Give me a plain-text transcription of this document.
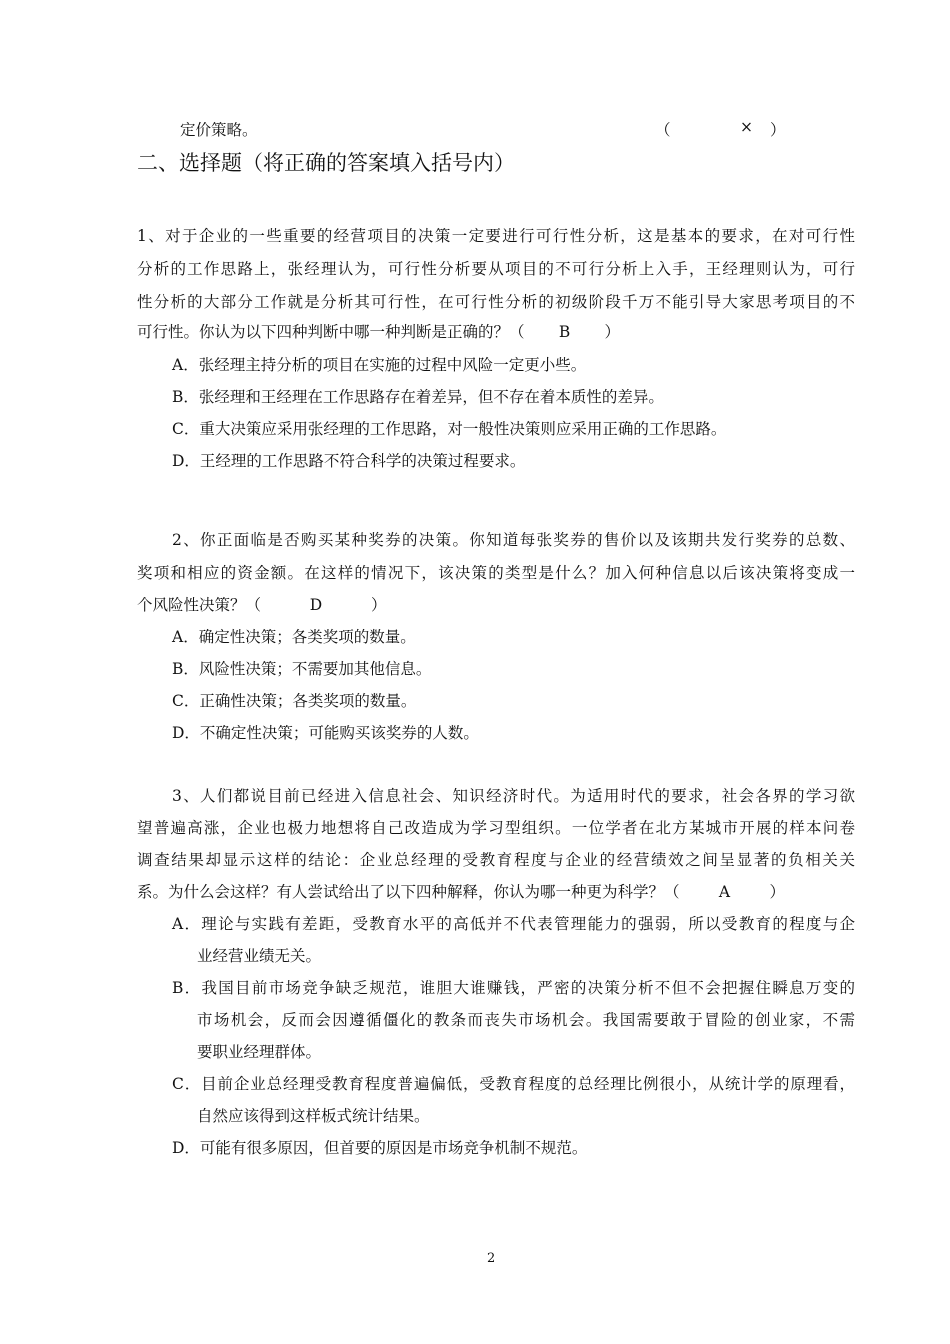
定价策略。	（	× ）
二、选择题（将正确的答案填入括号内）
1、对于企业的一些重要的经营项目的决策一定要进行可行性分析，这是基本的要求，在对可行性
分析的工作思路上，张经理认为，可行性分析要从项目的不可行分析上入手，王经理则认为，可行
性分析的大部分工作就是分析其可行性，在可行性分析的初级阶段千万不能引导大家思考项目的不
可行性。你认为以下四种判断中哪一种判断是正确的？（ B ）
A．张经理主持分析的项目在实施的过程中风险一定更小些。
B．张经理和王经理在工作思路存在着差异，但不存在着本质性的差异。
C．重大决策应采用张经理的工作思路，对一般性决策则应采用正确的工作思路。
D．王经理的工作思路不符合科学的决策过程要求。
2、你正面临是否购买某种奖券的决策。你知道每张奖券的售价以及该期共发行奖券的总数、
奖项和相应的资金额。在这样的情况下，该决策的类型是什么？加入何种信息以后该决策将变成一
个风险性决策？（	D	）
A．确定性决策；各类奖项的数量。
B．风险性决策；不需要加其他信息。
C．正确性决策；各类奖项的数量。
D．不确定性决策；可能购买该奖券的人数。
3、人们都说目前已经进入信息社会、知识经济时代。为适用时代的要求，社会各界的学习欲
望普遍高涨，企业也极力地想将自己改造成为学习型组织。一位学者在北方某城市开展的样本问卷
调查结果却显示这样的结论：企业总经理的受教育程度与企业的经营绩效之间呈显著的负相关关
系。为什么会这样？有人尝试给出了以下四种解释，你认为哪一种更为科学？（	A	）
A．理论与实践有差距，受教育水平的高低并不代表管理能力的强弱，所以受教育的程度与企
业经营业绩无关。
B．我国目前市场竞争缺乏规范，谁胆大谁赚钱，严密的决策分析不但不会把握住瞬息万变的
市场机会，反而会因遵循僵化的教条而丧失市场机会。我国需要敢于冒险的创业家，不需
要职业经理群体。
C．目前企业总经理受教育程度普遍偏低，受教育程度的总经理比例很小，从统计学的原理看，
自然应该得到这样板式统计结果。
D．可能有很多原因，但首要的原因是市场竞争机制不规范。
2
